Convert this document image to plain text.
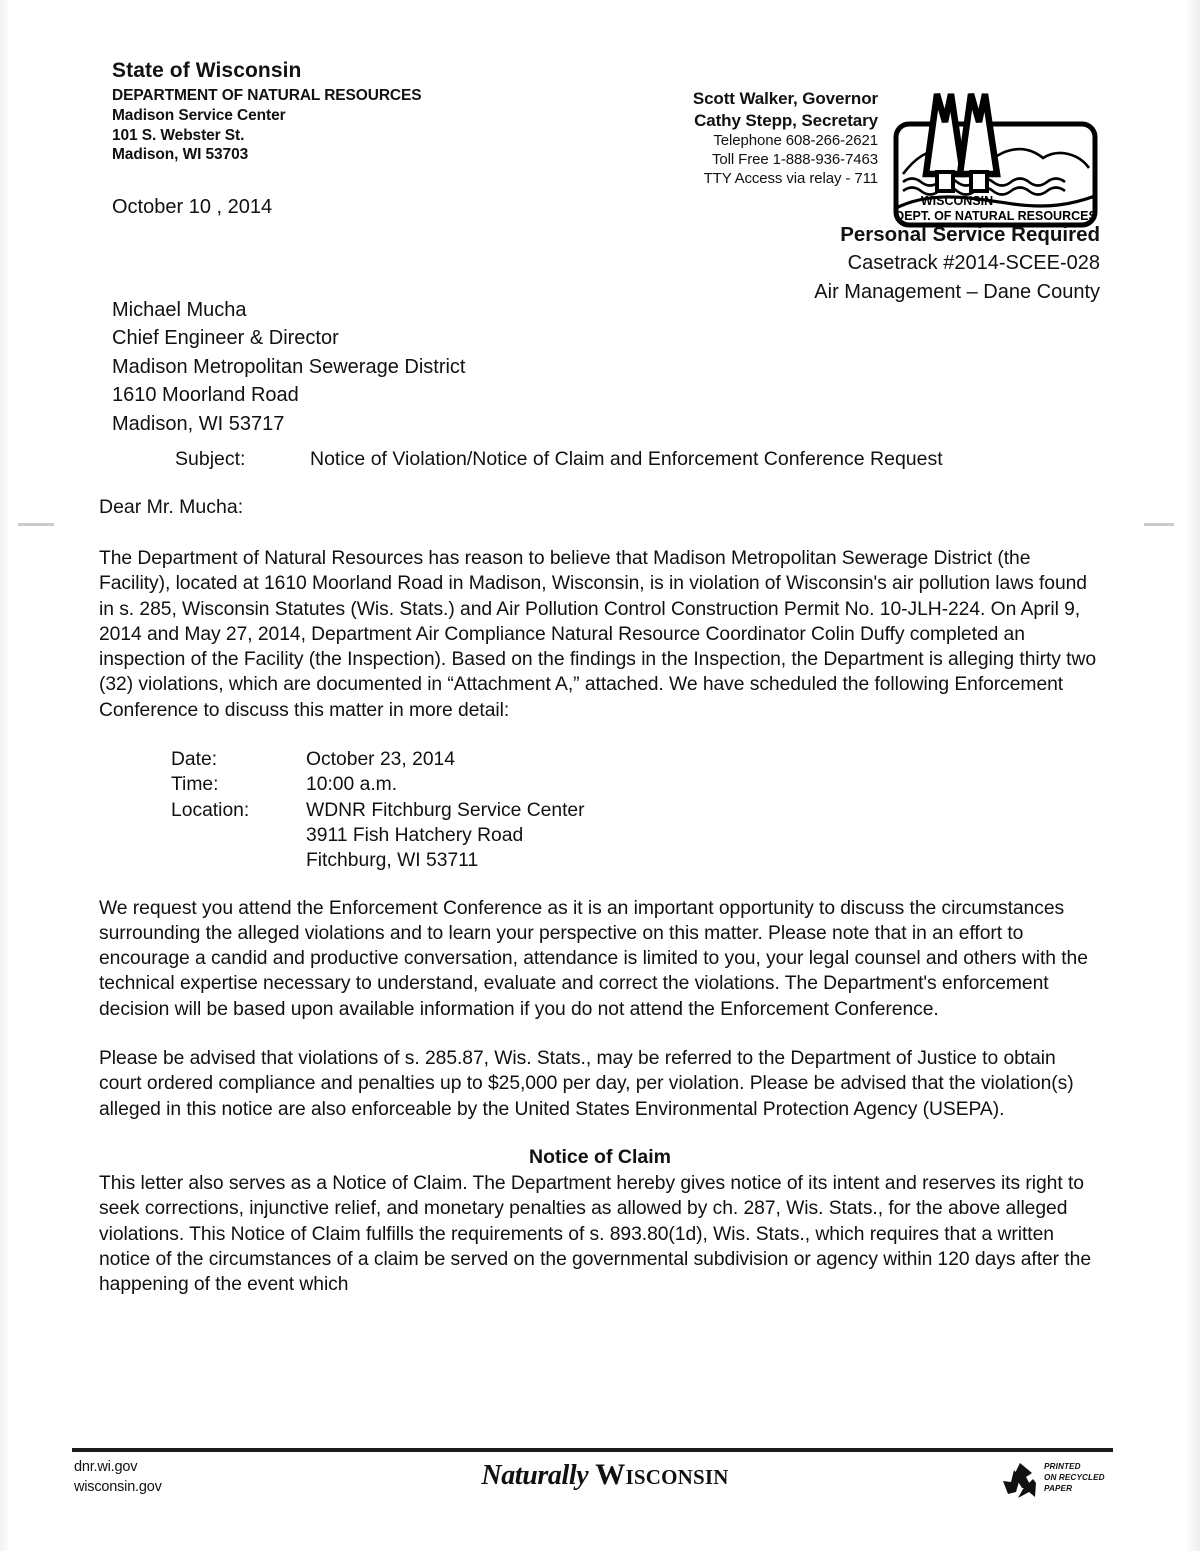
State of Wisconsin
DEPARTMENT OF NATURAL RESOURCES
Madison Service Center
101 S. Webster St.
Madison, WI 53703
Scott Walker, Governor
Cathy Stepp, Secretary
Telephone 608-266-2621
Toll Free 1-888-936-7463
TTY Access via relay - 711
WISCONSIN
DEPT. OF NATURAL RESOURCES
October 10 , 2014
Personal Service Required
Casetrack #2014-SCEE-028
Air Management – Dane County
Michael Mucha
Chief Engineer & Director
Madison Metropolitan Sewerage District
1610 Moorland Road
Madison, WI 53717
Subject:	Notice of Violation/Notice of Claim and Enforcement Conference Request
Dear Mr. Mucha:

The Department of Natural Resources has reason to believe that Madison Metropolitan Sewerage District (the Facility), located at 1610 Moorland Road in Madison, Wisconsin, is in violation of Wisconsin's air pollution laws found in s. 285, Wisconsin Statutes (Wis. Stats.) and Air Pollution Control Construction Permit No. 10-JLH-224. On April 9, 2014 and May 27, 2014, Department Air Compliance Natural Resource Coordinator Colin Duffy completed an inspection of the Facility (the Inspection). Based on the findings in the Inspection, the Department is alleging thirty two (32) violations, which are documented in “Attachment A,” attached. We have scheduled the following Enforcement Conference to discuss this matter in more detail:

Date:	October 23, 2014
Time:	10:00 a.m.
Location:	WDNR Fitchburg Service Center
3911 Fish Hatchery Road
Fitchburg, WI 53711

We request you attend the Enforcement Conference as it is an important opportunity to discuss the circumstances surrounding the alleged violations and to learn your perspective on this matter. Please note that in an effort to encourage a candid and productive conversation, attendance is limited to you, your legal counsel and others with the technical expertise necessary to understand, evaluate and correct the violations. The Department's enforcement decision will be based upon available information if you do not attend the Enforcement Conference.

Please be advised that violations of s. 285.87, Wis. Stats., may be referred to the Department of Justice to obtain court ordered compliance and penalties up to $25,000 per day, per violation. Please be advised that the violation(s) alleged in this notice are also enforceable by the United States Environmental Protection Agency (USEPA).

Notice of Claim

This letter also serves as a Notice of Claim. The Department hereby gives notice of its intent and reserves its right to seek corrections, injunctive relief, and monetary penalties as allowed by ch. 287, Wis. Stats., for the above alleged violations. This Notice of Claim fulfills the requirements of s. 893.80(1d), Wis. Stats., which requires that a written notice of the circumstances of a claim be served on the governmental subdivision or agency within 120 days after the happening of the event which

dnr.wi.gov
wisconsin.gov	Naturally Wisconsin	PRINTED
ON RECYCLED
PAPER
